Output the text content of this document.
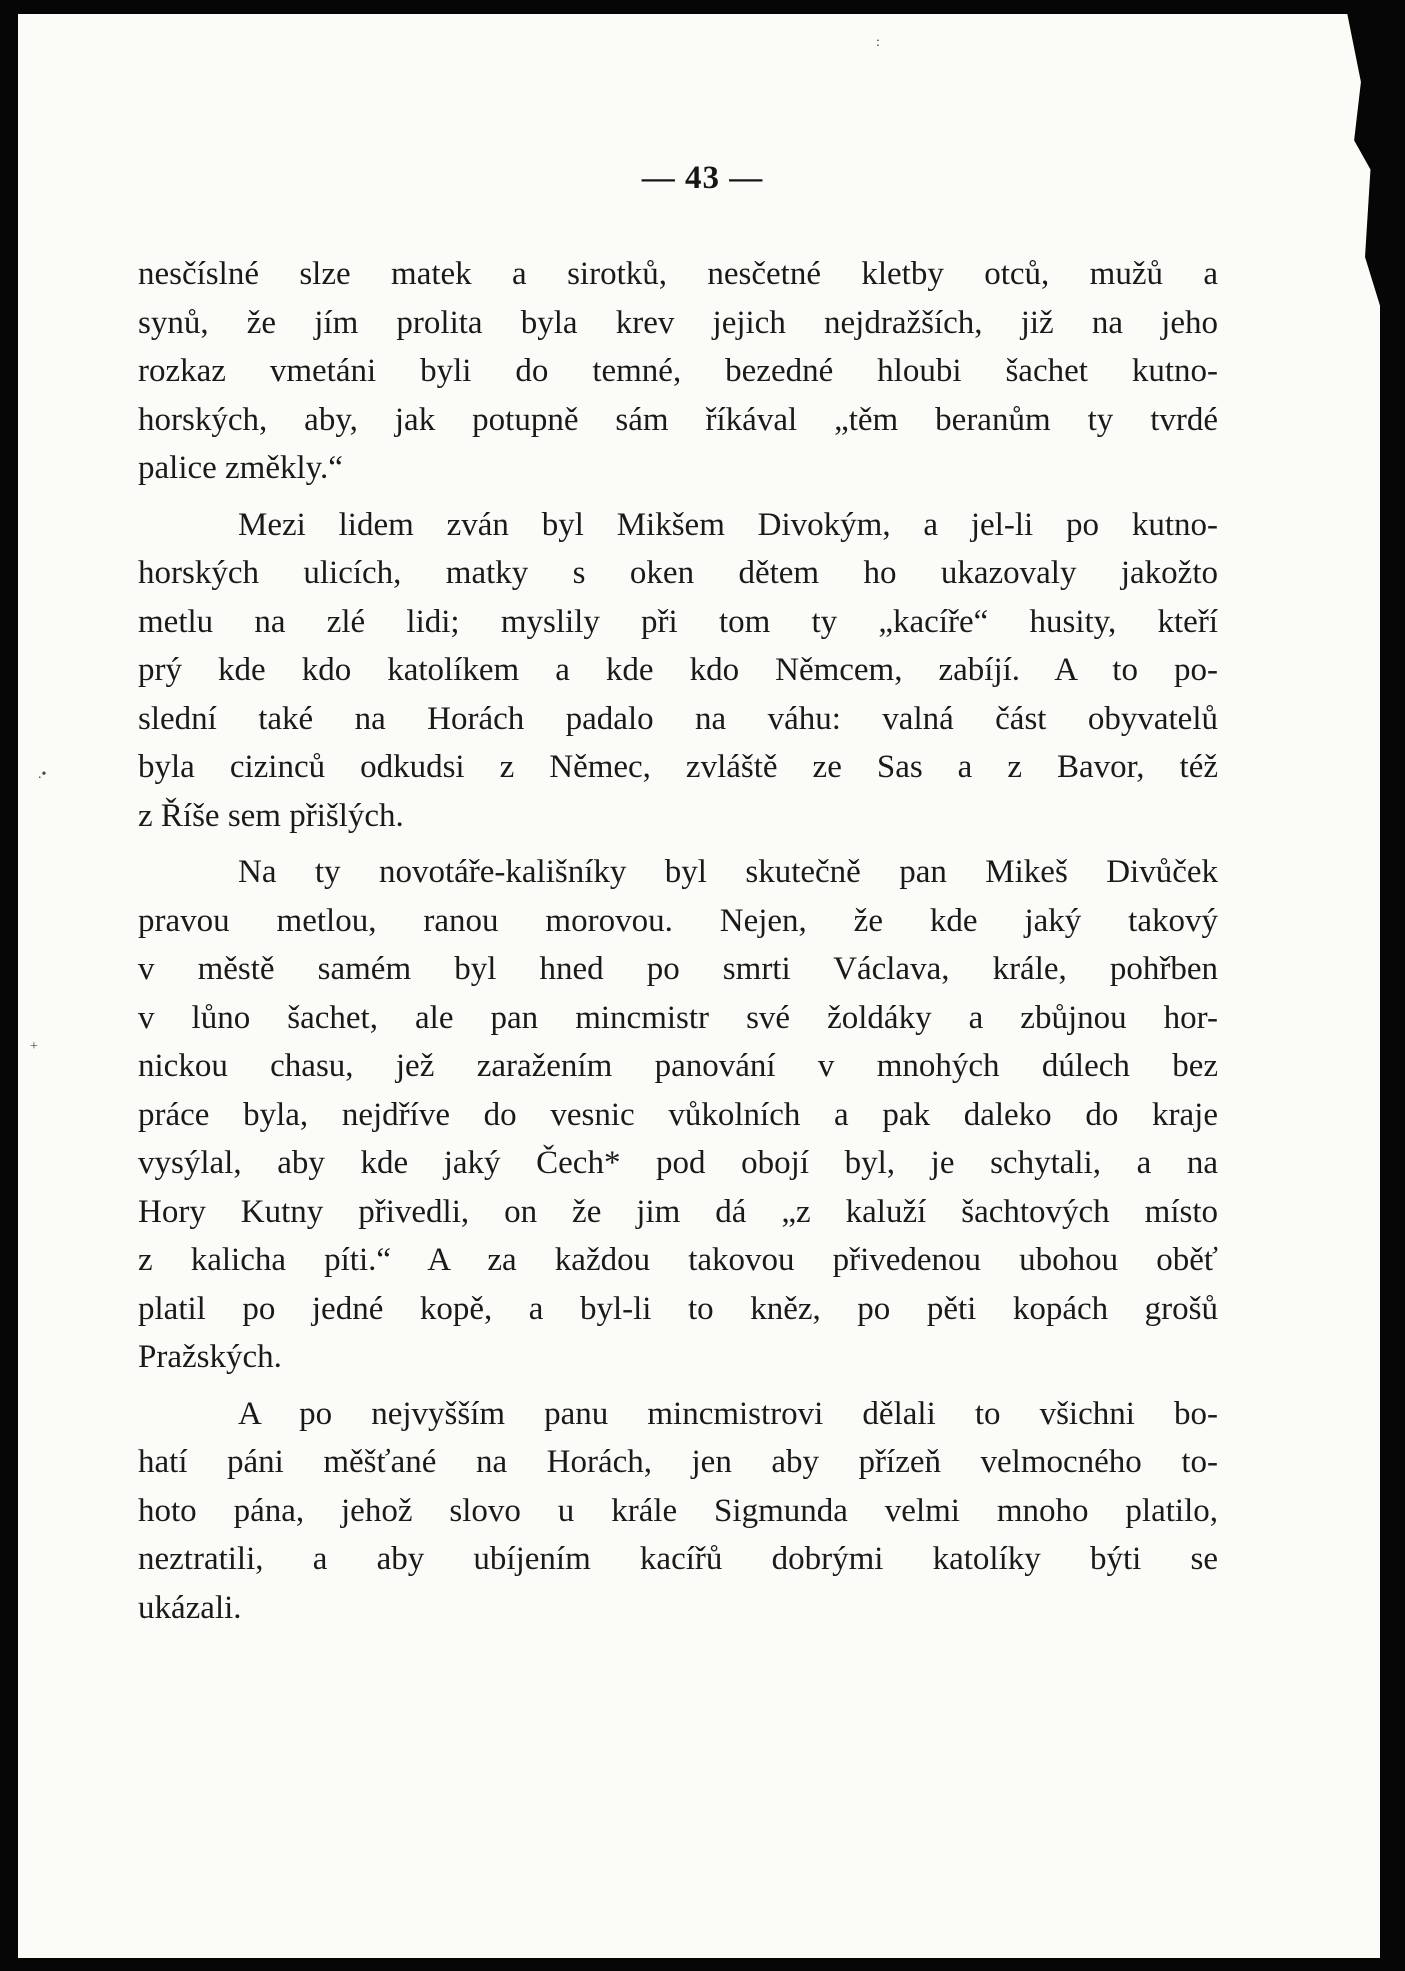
.•
+
:
— 43 —
nesčíslné slze matek a sirotků, nesčetné kletby otců, mužů a
synů, že jím prolita byla krev jejich nejdražších, již na jeho
rozkaz vmetáni byli do temné, bezedné hloubi šachet kutno-
horských, aby, jak potupně sám říkával „těm beranům ty tvrdé
palice změkly.“
Mezi lidem zván byl Mikšem Divokým, a jel-li po kutno-
horských ulicích, matky s oken dětem ho ukazovaly jakožto
metlu na zlé lidi; myslily při tom ty „kacíře“ husity, kteří
prý kde kdo katolíkem a kde kdo Němcem, zabíjí. A to po-
slední také na Horách padalo na váhu: valná část obyvatelů
byla cizinců odkudsi z Němec, zvláště ze Sas a z Bavor, též
z Říše sem přišlých.
Na ty novotáře-kališníky byl skutečně pan Mikeš Divůček
pravou metlou, ranou morovou. Nejen, že kde jaký takový
v městě samém byl hned po smrti Václava, krále, pohřben
v lůno šachet, ale pan mincmistr své žoldáky a zbůjnou hor-
nickou chasu, jež zaražením panování v mnohých dúlech bez
práce byla, nejdříve do vesnic vůkolních a pak daleko do kraje
vysýlal, aby kde jaký Čech* pod obojí byl, je schytali, a na
Hory Kutny přivedli, on že jim dá „z kaluží šachtových místo
z kalicha píti.“ A za každou takovou přivedenou ubohou oběť
platil po jedné kopě, a byl-li to kněz, po pěti kopách grošů
Pražských.
A po nejvyšším panu mincmistrovi dělali to všichni bo-
hatí páni měšťané na Horách, jen aby přízeň velmocného to-
hoto pána, jehož slovo u krále Sigmunda velmi mnoho platilo,
neztratili, a aby ubíjením kacířů dobrými katolíky býti se
ukázali.
